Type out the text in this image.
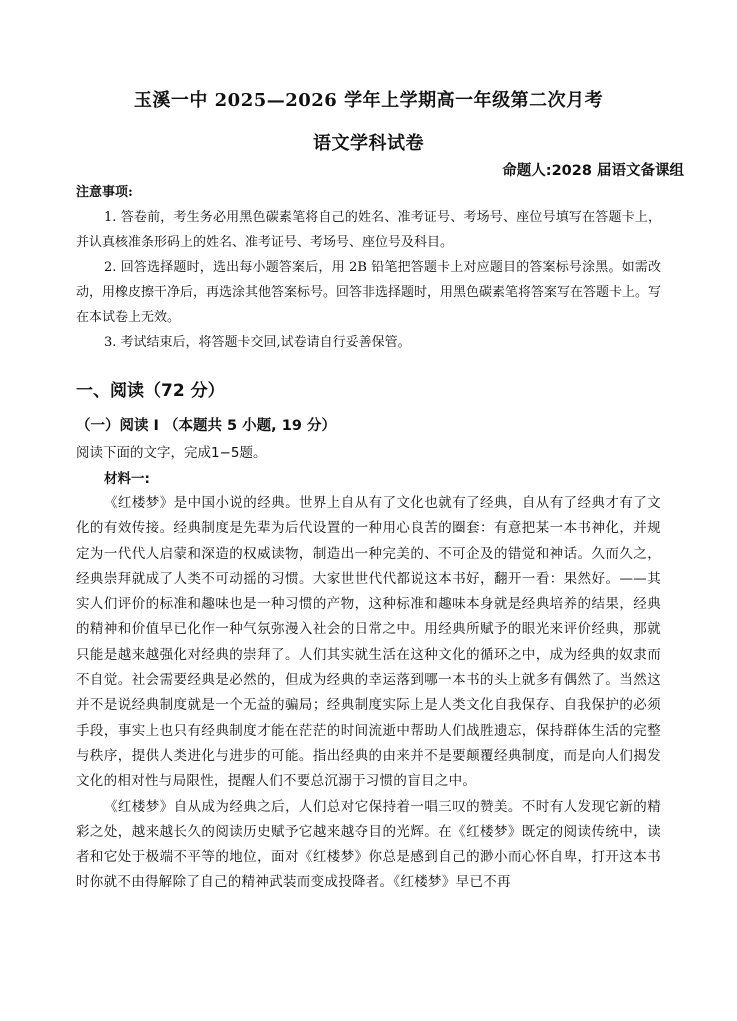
玉溪一中 2025—2026 学年上学期高一年级第二次月考
语文学科试卷
命题人:2028 届语文备课组
注意事项:

1. 答卷前，考生务必用黑色碳素笔将自己的姓名、准考证号、考场号、座位号填写在答题卡上，并认真核准条形码上的姓名、准考证号、考场号、座位号及科目。

2. 回答选择题时，选出每小题答案后，用 2B 铅笔把答题卡上对应题目的答案标号涂黑。如需改动，用橡皮擦干净后，再选涂其他答案标号。回答非选择题时，用黑色碳素笔将答案写在答题卡上。写在本试卷上无效。

3. 考试结束后，将答题卡交回,试卷请自行妥善保管。

一、阅读（72 分）
（一）阅读 I （本题共 5 小题, 19 分）
阅读下面的文字，完成1−5题。
材料一:

《红楼梦》是中国小说的经典。世界上自从有了文化也就有了经典，自从有了经典才有了文化的有效传接。经典制度是先辈为后代设置的一种用心良苦的圈套：有意把某一本书神化，并规定为一代代人启蒙和深造的权威读物，制造出一种完美的、不可企及的错觉和神话。久而久之，经典崇拜就成了人类不可动摇的习惯。大家世世代代都说这本书好，翻开一看：果然好。——其实人们评价的标准和趣味也是一种习惯的产物，这种标准和趣味本身就是经典培养的结果，经典的精神和价值早已化作一种气氛弥漫入社会的日常之中。用经典所赋予的眼光来评价经典，那就只能是越来越强化对经典的崇拜了。人们其实就生活在这种文化的循环之中，成为经典的奴隶而不自觉。社会需要经典是必然的，但成为经典的幸运落到哪一本书的头上就多有偶然了。当然这并不是说经典制度就是一个无益的骗局；经典制度实际上是人类文化自我保存、自我保护的必须手段，事实上也只有经典制度才能在茫茫的时间流逝中帮助人们战胜遗忘，保持群体生活的完整与秩序，提供人类进化与进步的可能。指出经典的由来并不是要颠覆经典制度，而是向人们揭发文化的相对性与局限性，提醒人们不要总沉溺于习惯的盲目之中。

《红楼梦》自从成为经典之后，人们总对它保持着一唱三叹的赞美。不时有人发现它新的精彩之处，越来越长久的阅读历史赋予它越来越夺目的光辉。在《红楼梦》既定的阅读传统中，读者和它处于极端不平等的地位，面对《红楼梦》你总是感到自己的渺小而心怀自卑，打开这本书时你就不由得解除了自己的精神武装而变成投降者。《红楼梦》早已不再
